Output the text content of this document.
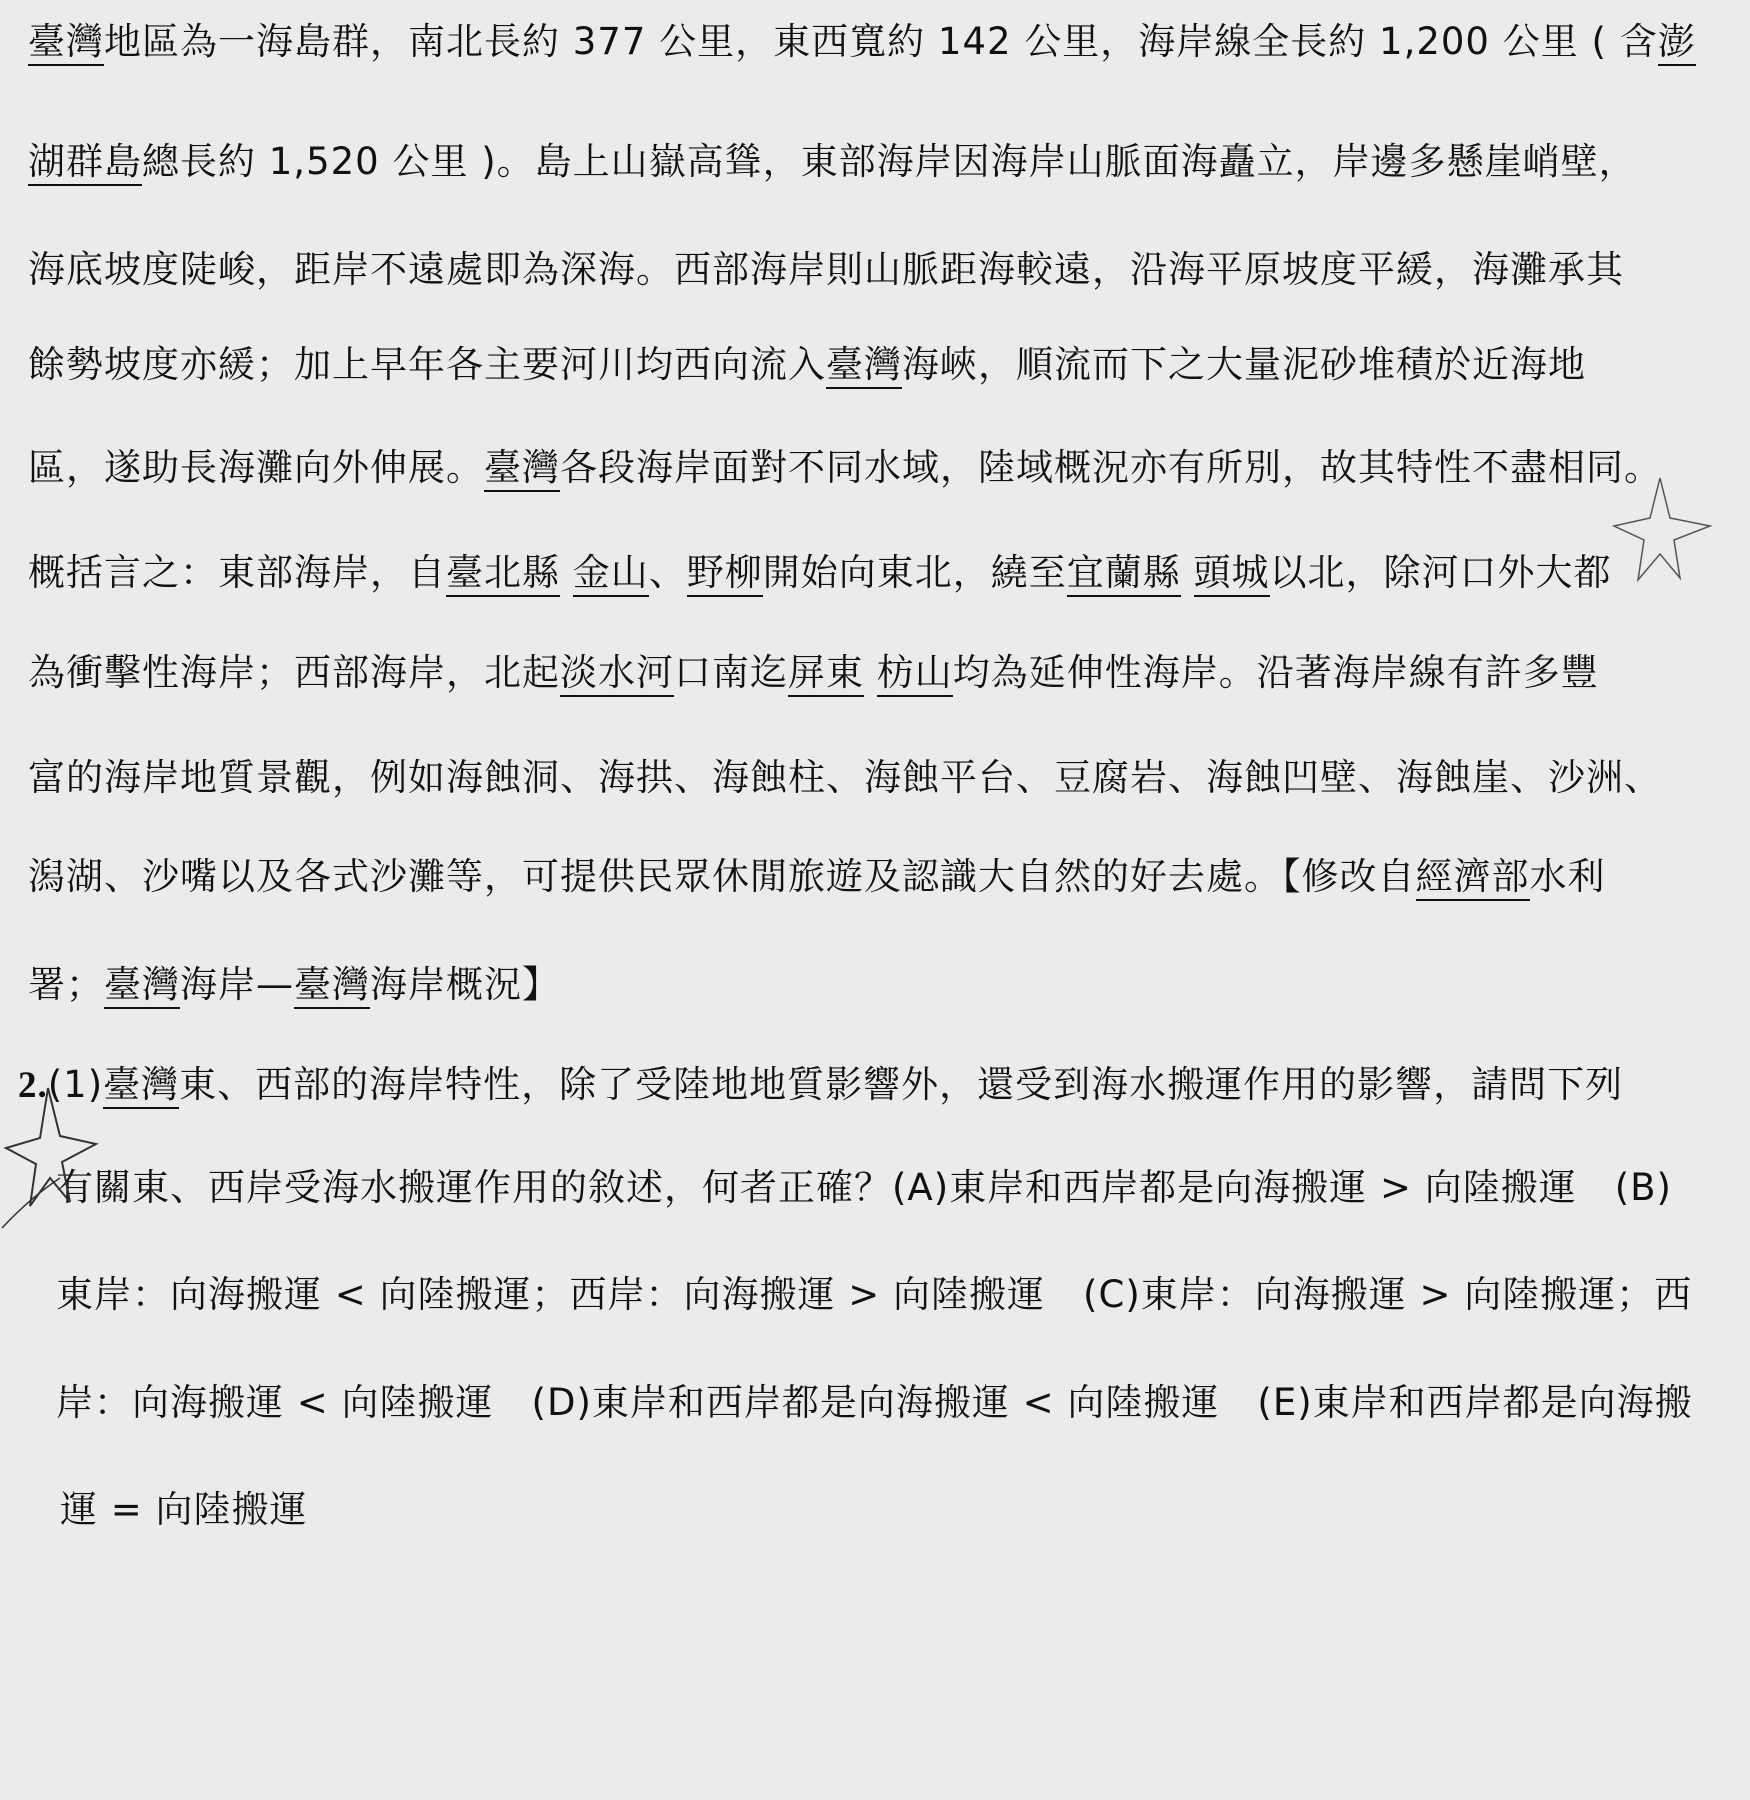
臺灣地區為一海島群，南北長約 377 公里，東西寬約 142 公里，海岸線全長約 1,200 公里 ( 含澎
湖群島總長約 1,520 公里 )。島上山嶽高聳，東部海岸因海岸山脈面海矗立，岸邊多懸崖峭壁，
海底坡度陡峻，距岸不遠處即為深海。西部海岸則山脈距海較遠，沿海平原坡度平緩，海灘承其
餘勢坡度亦緩；加上早年各主要河川均西向流入臺灣海峽，順流而下之大量泥砂堆積於近海地
區，遂助長海灘向外伸展。臺灣各段海岸面對不同水域，陸域概況亦有所別，故其特性不盡相同。
概括言之：東部海岸，自臺北縣 金山、野柳開始向東北，繞至宜蘭縣 頭城以北，除河口外大都
為衝擊性海岸；西部海岸，北起淡水河口南迄屏東 枋山均為延伸性海岸。沿著海岸線有許多豐
富的海岸地質景觀，例如海蝕洞、海拱、海蝕柱、海蝕平台、豆腐岩、海蝕凹壁、海蝕崖、沙洲、
潟湖、沙嘴以及各式沙灘等，可提供民眾休閒旅遊及認識大自然的好去處。【修改自經濟部水利
署；臺灣海岸—臺灣海岸概況】
2.(1)臺灣東、西部的海岸特性，除了受陸地地質影響外，還受到海水搬運作用的影響，請問下列
有關東、西岸受海水搬運作用的敘述，何者正確？(A)東岸和西岸都是向海搬運 > 向陸搬運　(B)
東岸：向海搬運 < 向陸搬運；西岸：向海搬運 > 向陸搬運　(C)東岸：向海搬運 > 向陸搬運；西
岸：向海搬運 < 向陸搬運　(D)東岸和西岸都是向海搬運 < 向陸搬運　(E)東岸和西岸都是向海搬
運 = 向陸搬運
